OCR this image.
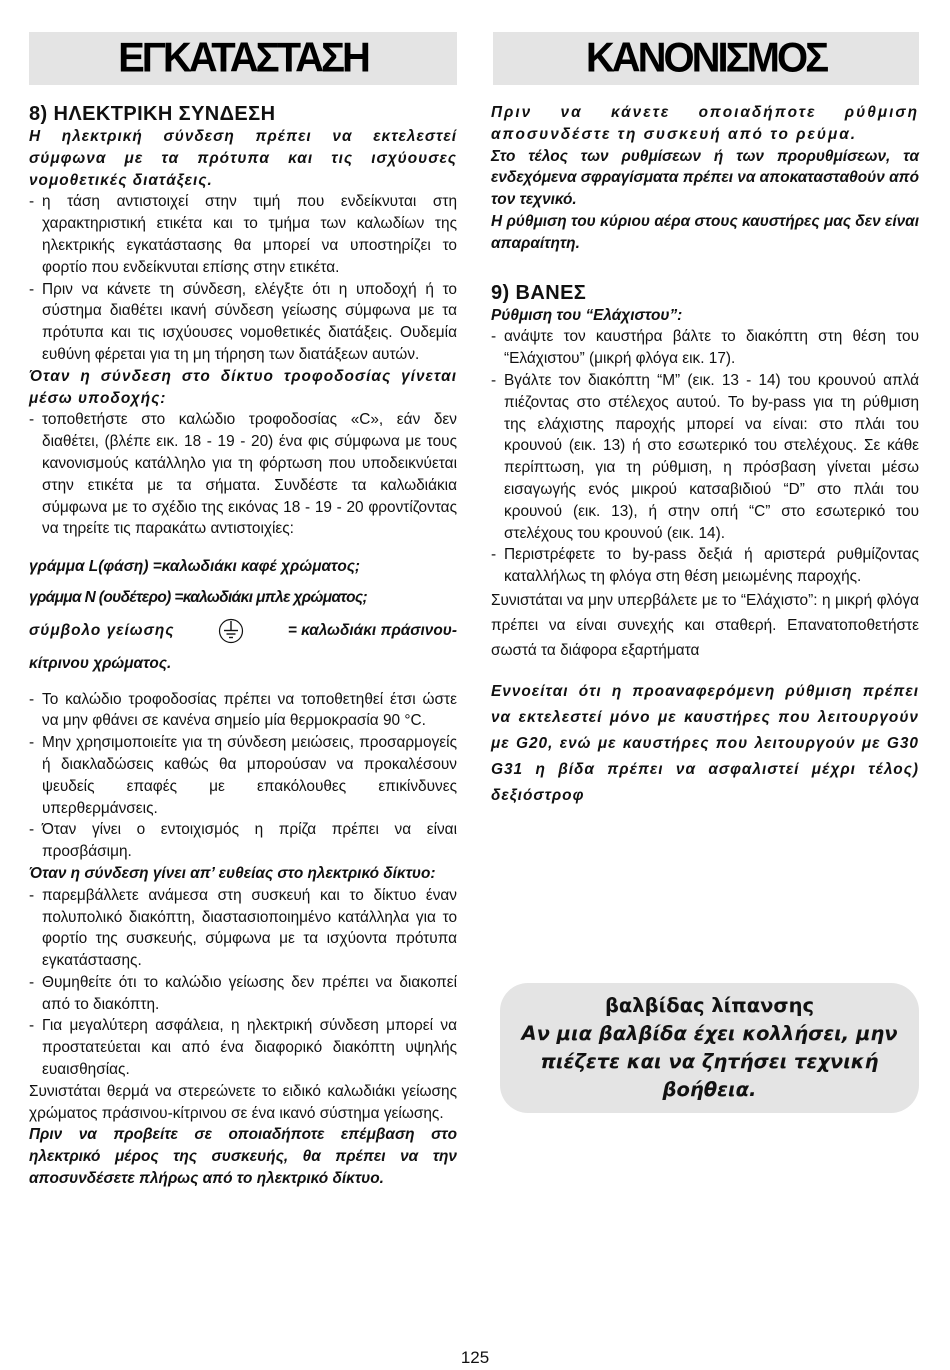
ΕΓΚΑΤΑΣΤΑΣΗ	ΚΑΝΟΝΙΣΜΟΣ
8) ΗΛΕΚΤΡΙΚΗ ΣΥΝΔΕΣΗ

Η ηλεκτρική σύνδεση πρέπει να εκτελεστεί σύμφωνα με τα πρότυπα και τις ισχύουσες νομοθετικές διατάξεις.

- η τάση αντιστοιχεί στην τιμή που ενδείκνυται στη χαρακτηριστική ετικέτα και το τμήμα των καλωδίων της ηλεκτρικής εγκατάστασης θα μπορεί να υποστηρίζει το φορτίο που ενδείκνυται επίσης στην ετικέτα.

- Πριν να κάνετε τη σύνδεση, ελέγξτε ότι η υποδοχή ή το σύστημα διαθέτει ικανή σύνδεση γείωσης σύμφωνα με τα πρότυπα και τις ισχύουσες νομοθετικές διατάξεις. Ουδεμία ευθύνη φέρεται για τη μη τήρηση των διατάξεων αυτών.

Όταν η σύνδεση στο δίκτυο τροφοδοσίας γίνεται μέσω υποδοχής:

- τοποθετήστε στο καλώδιο τροφοδοσίας «C», εάν δεν διαθέτει, (βλέπε εικ. 18 - 19 - 20) ένα φις σύμφωνα με τους κανονισμούς κατάλληλο για τη φόρτωση που υποδεικνύεται στην ετικέτα με τα σήματα. Συνδέστε τα καλωδιάκια σύμφωνα με το σχέδιο της εικόνας 18 - 19 - 20 φροντίζοντας να τηρείτε τις παρακάτω αντιστοιχίες:

γράμμα L(φάση) =καλωδιάκι καφέ χρώματος;

γράμμα N (ουδέτερο) =καλωδιάκι μπλε χρώματος;

σύμβολο γείωσης	= καλωδιάκι πράσινου-

κίτρινου χρώματος.

- Το καλώδιο τροφοδοσίας πρέπει να τοποθετηθεί έτσι ώστε να μην φθάνει σε κανένα σημείο μία θερμοκρασία 90 °C.

- Μην χρησιμοποιείτε για τη σύνδεση μειώσεις, προσαρμογείς ή διακλαδώσεις καθώς θα μπορούσαν να προκαλέσουν ψευδείς επαφές με επακόλουθες επικίνδυνες υπερθερμάνσεις.

- Όταν γίνει ο εντοιχισμός η πρίζα πρέπει να είναι προσβάσιμη.

Όταν η σύνδεση γίνει απ’ ευθείας στο ηλεκτρικό δίκτυο:

- παρεμβάλλετε ανάμεσα στη συσκευή και το δίκτυο έναν πολυπολικό διακόπτη, διαστασιοποιημένο κατάλληλα για το φορτίο της συσκευής, σύμφωνα με τα ισχύοντα πρότυπα εγκατάστασης.

- Θυμηθείτε ότι το καλώδιο γείωσης δεν πρέπει να διακοπεί από το διακόπτη.

- Για μεγαλύτερη ασφάλεια, η ηλεκτρική σύνδεση μπορεί να προστατεύεται και από ένα διαφορικό διακόπτη υψηλής ευαισθησίας.

Συνιστάται θερμά να στερεώνετε το ειδικό καλωδιάκι γείωσης χρώματος πράσινου-κίτρινου σε ένα ικανό σύστημα γείωσης.

Πριν να προβείτε σε οποιαδήποτε επέμβαση στο ηλεκτρικό μέρος της συσκευής, θα πρέπει να την αποσυνδέσετε πλήρως από το ηλεκτρικό δίκτυο.

Πριν να κάνετε οποιαδήποτε ρύθμιση αποσυνδέστε τη συσκευή από το ρεύμα.

Στο τέλος των ρυθμίσεων ή των προρυθμίσεων, τα ενδεχόμενα σφραγίσματα πρέπει να αποκατασταθούν από τον τεχνικό.

Η ρύθμιση του κύριου αέρα στους καυστήρες μας δεν είναι απαραίτητη.

9) ΒΑΝΕΣ

Ρύθμιση του “Ελάχιστου”:

- ανάψτε τον καυστήρα βάλτε το διακόπτη στη θέση του “Ελάχιστου” (μικρή φλόγα εικ. 17).

- Βγάλτε τον διακόπτη “M” (εικ. 13 - 14) του κρουνού απλά πιέζοντας στο στέλεχος αυτού. Το by-pass για τη ρύθμιση της ελάχιστης παροχής μπορεί να είναι: στο πλάι του κρουνού (εικ. 13) ή στο εσωτερικό του στελέχους. Σε κάθε περίπτωση, για τη ρύθμιση, η πρόσβαση γίνεται μέσω εισαγωγής ενός μικρού κατσαβιδιού “D” στο πλάι του κρουνού (εικ. 13), ή στην οπή “C” στο εσωτερικό του στελέχους του κρουνού (εικ. 14).

- Περιστρέφετε το by-pass δεξιά ή αριστερά ρυθμίζοντας καταλλήλως τη φλόγα στη θέση μειωμένης παροχής.

Συνιστάται να μην υπερβάλετε με το “Ελάχιστο”: η μικρή φλόγα πρέπει να είναι συνεχής και σταθερή. Επανατοποθετήστε σωστά τα διάφορα εξαρτήματα

Εννοείται ότι η προαναφερόμενη ρύθμιση πρέπει να εκτελεστεί μόνο με καυστήρες που λειτουργούν με G20, ενώ με καυστήρες που λειτουργούν με G30 G31 η βίδα πρέπει να ασφαλιστεί μέχρι τέλος) δεξιόστροφ

βαλβίδας λίπανσης
Αν μια βαλβίδα έχει κολλήσει, μην πιέζετε και να ζητήσει τεχνική βοήθεια.
125
